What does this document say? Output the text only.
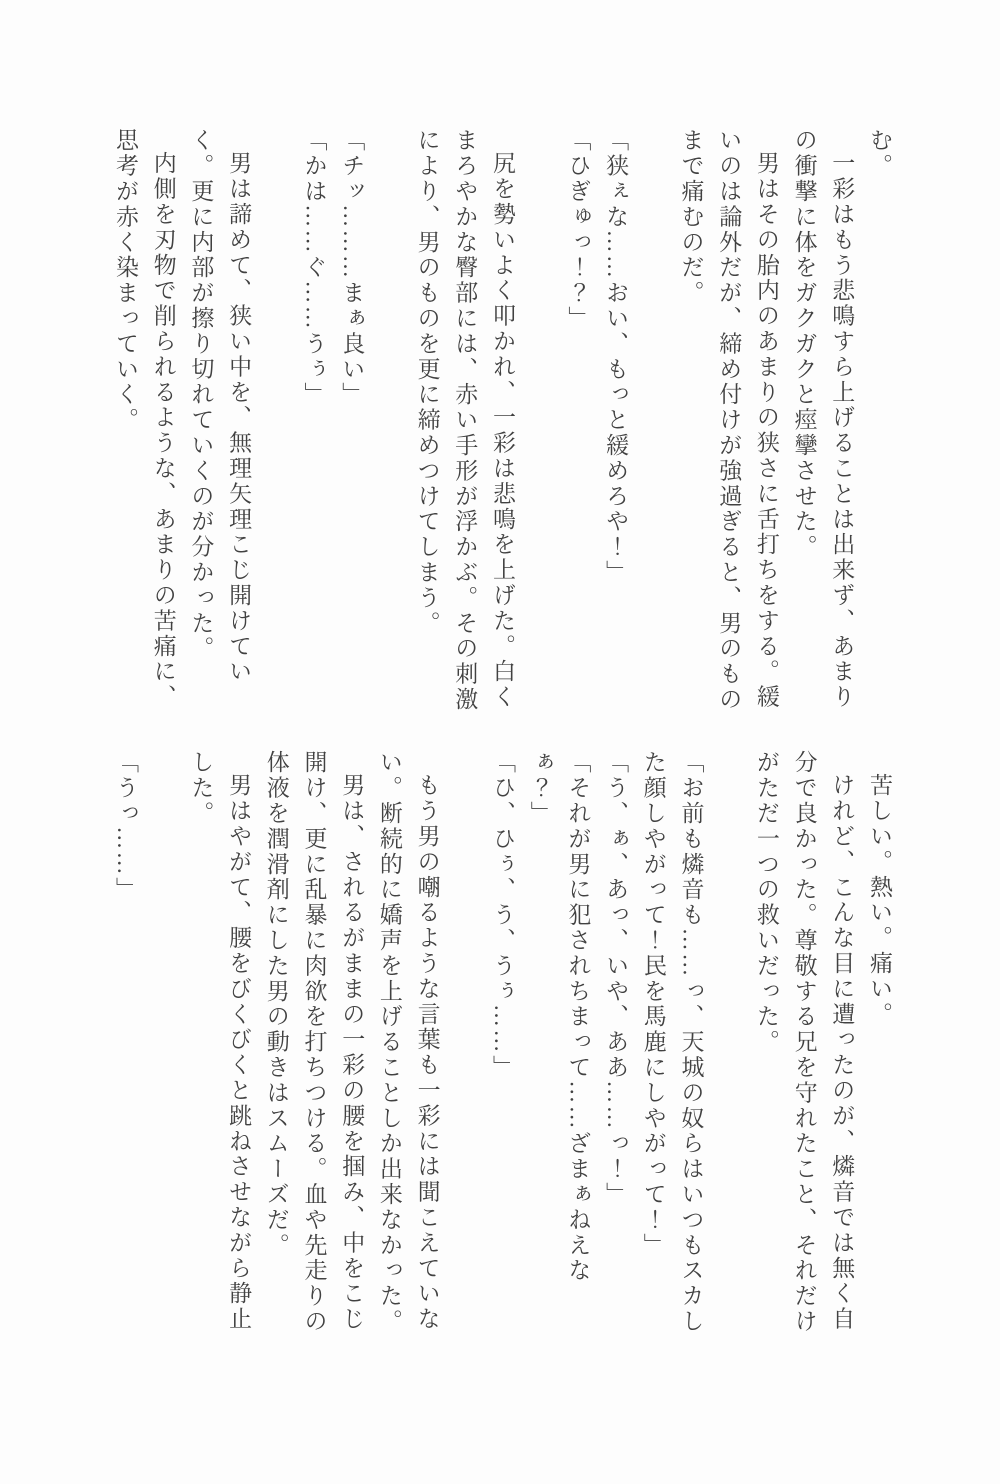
む。

一彩はもう悲鳴すら上げることは出来ず、あまりの衝撃に体をガクガクと痙攣させた。

男はその胎内のあまりの狭さに舌打ちをする。緩いのは論外だが、締め付けが強過ぎると、男のものまで痛むのだ。

「狭ぇな……おい、もっと緩めろや！」

「ひぎゅっ！？」

尻を勢いよく叩かれ、一彩は悲鳴を上げた。白くまろやかな臀部には、赤い手形が浮かぶ。その刺激により、男のものを更に締めつけてしまう。

「チッ………まぁ良い」

「かは……ぐ……うぅ」

男は諦めて、狭い中を、無理矢理こじ開けていく。更に内部が擦り切れていくのが分かった。

内側を刃物で削られるような、あまりの苦痛に、思考が赤く染まっていく。

苦しい。熱い。痛い。

けれど、こんな目に遭ったのが、燐音では無く自分で良かった。尊敬する兄を守れたこと、それだけがただ一つの救いだった。

「お前も燐音も……っ、天城の奴らはいつもスカした顔しやがって！民を馬鹿にしやがって！」

「う、ぁ、あっ、いや、ああ……っ！」

「それが男に犯されちまって……ざまぁねえなぁ？」

「ひ、ひぅ、う、うぅ……」

もう男の嘲るような言葉も一彩には聞こえていない。断続的に嬌声を上げることしか出来なかった。

男は、されるがままの一彩の腰を掴み、中をこじ開け、更に乱暴に肉欲を打ちつける。血や先走りの体液を潤滑剤にした男の動きはスムーズだ。

男はやがて、腰をびくびくと跳ねさせながら静止した。

「うっ……」
